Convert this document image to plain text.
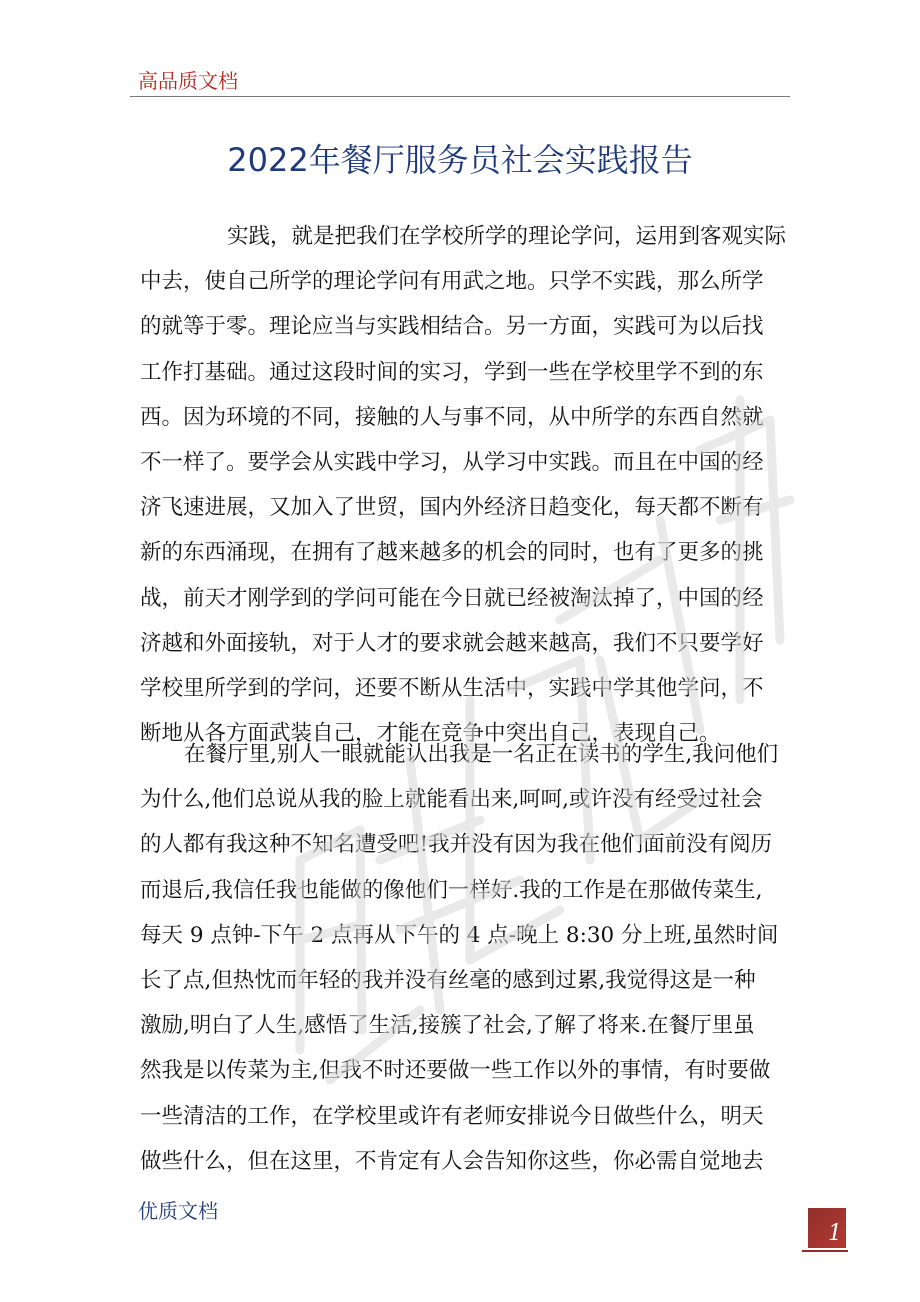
高品质文档
2022年餐厅服务员社会实践报告
实践，就是把我们在学校所学的理论学问，运用到客观实际
中去，使自己所学的理论学问有用武之地。只学不实践，那么所学
的就等于零。理论应当与实践相结合。另一方面，实践可为以后找
工作打基础。通过这段时间的实习，学到一些在学校里学不到的东
西。因为环境的不同，接触的人与事不同，从中所学的东西自然就
不一样了。要学会从实践中学习，从学习中实践。而且在中国的经
济飞速进展，又加入了世贸，国内外经济日趋变化，每天都不断有
新的东西涌现，在拥有了越来越多的机会的同时，也有了更多的挑
战，前天才刚学到的学问可能在今日就已经被淘汰掉了，中国的经
济越和外面接轨，对于人才的要求就会越来越高，我们不只要学好
学校里所学到的学问，还要不断从生活中，实践中学其他学问，不
断地从各方面武装自己，才能在竞争中突出自己，表现自己。
在餐厅里,别人一眼就能认出我是一名正在读书的学生,我问他们
为什么,他们总说从我的脸上就能看出来,呵呵,或许没有经受过社会
的人都有我这种不知名遭受吧!我并没有因为我在他们面前没有阅历
而退后,我信任我也能做的像他们一样好.我的工作是在那做传菜生,
每天 9 点钟-下午 2 点再从下午的 4 点-晚上 8:30 分上班,虽然时间
长了点,但热忱而年轻的我并没有丝毫的感到过累,我觉得这是一种
激励,明白了人生,感悟了生活,接簇了社会,了解了将来.在餐厅里虽
然我是以传菜为主,但我不时还要做一些工作以外的事情，有时要做
一些清洁的工作，在学校里或许有老师安排说今日做些什么，明天
做些什么，但在这里，不肯定有人会告知你这些，你必需自觉地去
优质文档
1
